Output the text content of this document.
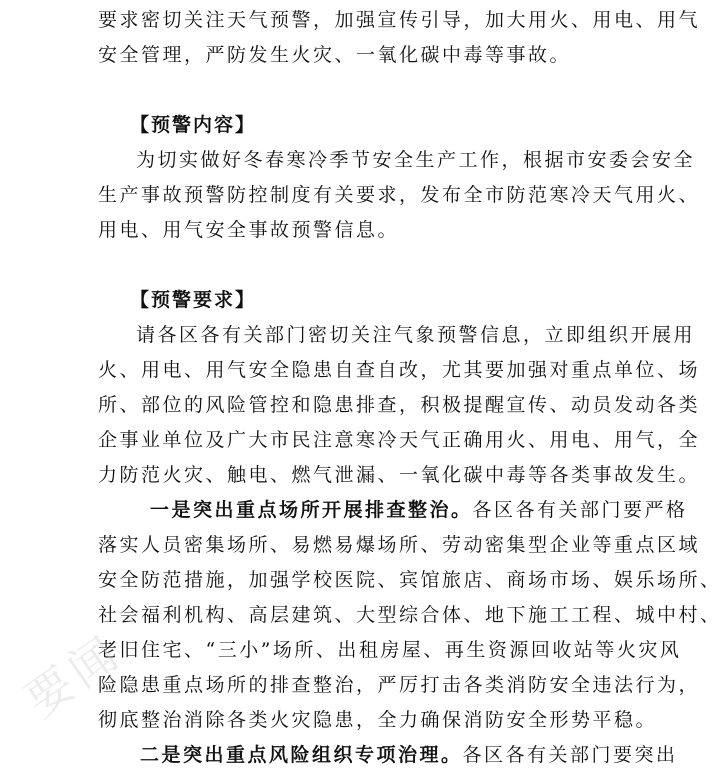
要求密切关注天气预警，加强宣传引导，加大用火、用电、用气
安全管理，严防发生火灾、一氧化碳中毒等事故。
【预警内容】
为切实做好冬春寒冷季节安全生产工作，根据市安委会安全
生产事故预警防控制度有关要求，发布全市防范寒冷天气用火、
用电、用气安全事故预警信息。
【预警要求】
请各区各有关部门密切关注气象预警信息，立即组织开展用
火、用电、用气安全隐患自查自改，尤其要加强对重点单位、场
所、部位的风险管控和隐患排查，积极提醒宣传、动员发动各类
企事业单位及广大市民注意寒冷天气正确用火、用电、用气，全
力防范火灾、触电、燃气泄漏、一氧化碳中毒等各类事故发生。
一是突出重点场所开展排查整治。各区各有关部门要严格
落实人员密集场所、易燃易爆场所、劳动密集型企业等重点区域
安全防范措施，加强学校医院、宾馆旅店、商场市场、娱乐场所、
社会福利机构、高层建筑、大型综合体、地下施工工程、城中村、
老旧住宅、“三小”场所、出租房屋、再生资源回收站等火灾风
险隐患重点场所的排查整治，严厉打击各类消防安全违法行为，
彻底整治消除各类火灾隐患，全力确保消防安全形势平稳。
二是突出重点风险组织专项治理。各区各有关部门要突出
要闻
